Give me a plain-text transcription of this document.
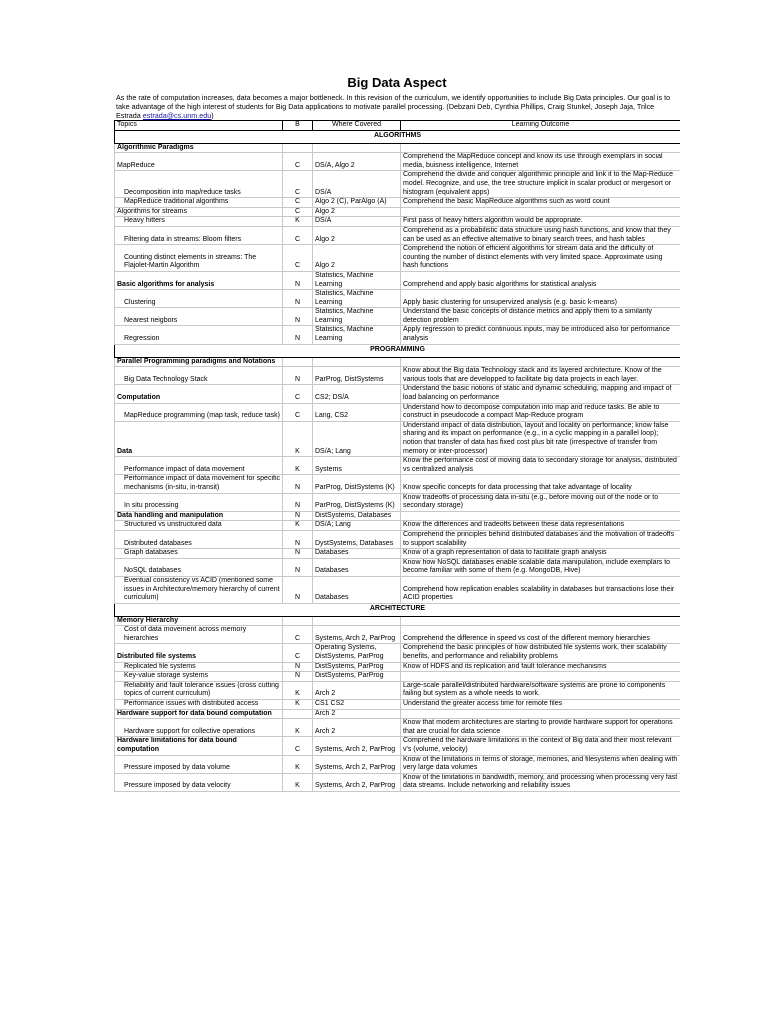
Big Data Aspect
As the rate of computation increases, data becomes a major bottleneck. In this revision of the curriculum, we identify opportunities to include Big Data principles. Our goal is to take advantage of the high interest of students for Big Data applications to motivate parallel processing. (Debzani Deb, Cynthia Phillips, Craig Stunkel, Joseph Jaja, Trilce Estrada estrada@cs.unm.edu)
Topics	B	Where Covered	Learning Outcome
ALGORITHMS			
Algorithmic Paradigms			
MapReduce	C	DS/A, Algo 2	Comprehend the MapReduce concept and know its use through exemplars in social media, buisness intelligence, Internet
Decomposition into map/reduce tasks	C	DS/A	Comprehend the divide and conquer algorithmic principle and link it to the Map-Reduce model. Recognize, and use, the tree structure implicit in scalar product or mergesort or histogram (equivalent apps)
MapReduce traditional algorithms	C	Algo 2 (C), ParAlgo (A)	Comprehend the basic MapReduce algorithms such as word count
Algorithms for streams	C	Algo 2	
Heavy hitters	K	DS/A	First pass of heavy hitters algorithm would be appropriate.
Filtering data in streams: Bloom filters	C	Algo 2	Comprehend as a probabilistic data structure using hash functions, and know that they can be used as an effective alternative to binary search trees, and hash tables
Counting distinct elements in streams: The Flajolet-Martin Algorithm	C	Algo 2	Comprehend the notion of efficient algorithms for stream data and the difficulty of counting the number of distinct elements with very limited space. Approximate using hash functions
Basic algorithms for analysis	N	Statistics, Machine Learning	Comprehend and apply basic algorithms for statistical analysis
Clustering	N	Statistics, Machine Learning	Apply basic clustering for unsupervized analysis (e.g. basic k-means)
Nearest neigbors	N	Statistics, Machine Learning	Understand the basic concepts of distance metrics and apply them to a similarity detection problem
Regression	N	Statistics, Machine Learning	Apply regression to predict continuous inputs, may be introduced also for performance analysis
PROGRAMMING			
Parallel Programming paradigms and Notations			
Big Data Technology Stack	N	ParProg, DistSystems	Know about the Big data Technology stack and its layered architecture. Know of the various tools that are developped to facilitate big data projects in each layer.
Computation	C	CS2; DS/A	Understand the basic notions of static and dynamic scheduling, mapping and impact of load balancing on performance
MapReduce programming (map task, reduce task)	C	Lang, CS2	Understand how to decompose computation into map and reduce tasks. Be able to construct in pseudocode a compact Map-Reduce program
Data	K	DS/A; Lang	Understand impact of data distribution, layout and locality on performance; know false sharing and its impact on performance (e.g., in a cyclic mapping in a parallel loop); notion that transfer of data has fixed cost plus bit rate (irrespective of transfer from memory or inter-processor)
Performance impact of data movement	K	Systems	Know the performance cost of moving data to secondary storage for analysis, distributed vs centralized analysis
Performance impact of data movement for specific mechanisms (in-situ, in-transit)	N	ParProg, DistSystems (K)	Know specific concepts for data processing that take advantage of locality
In situ processing	N	ParProg, DistSystems (K)	Know tradeoffs of processing data in-situ (e.g., before moving out of the node or to secondary storage)
Data handling and manipulation	N	DistSystems, Databases	
Structured vs unstructured data	K	DS/A; Lang	Know the differences and tradeoffs between these data representations
Distributed databases	N	DystSystems, Databases	Comprehend the principles behind distributed databases and the motivation of tradeoffs to support scalability
Graph databases	N	Databases	Know of a graph representation of data to facilitate graph analysis
NoSQL databases	N	Databases	Know how NoSQL databases enable scalable data manipulation, include exemplars to become familiar with some of them (e.g. MongoDB, Hive)
Eventual consistency vs ACID (mentioned some issues in Architecture/memory hierarchy of current curriculum)	N	Databases	Comprehend how replication enables scalability in databases but transactions lose their ACID properties
ARCHITECTURE			
Memory Hierarchy			
Cost of data movement across memory hierarchies	C	Systems, Arch 2, ParProg	Comprehend the difference in speed vs cost of the different memory hierarchies
Distributed file systems	C	Operating Systems, DistSystems, ParProg	Comprehend the basic principles of how distributed file systems work, their scalability benefits, and performance and reliability problems
Replicated file systems	N	DistSystems, ParProg	Know of HDFS and its replication and fault tolerance mechanisms
Key-value storage systems	N	DistSystems, ParProg	
Reliability and fault tolerance issues (cross cutting topics of current curriculum)	K	Arch 2	Large-scale parallel/distributed hardware/software systems are prone to components failing but system as a whole needs to work.
Performance issues with distributed access	K	CS1 CS2	Understand the greater access time for remote files
Hardware support for data bound computation		Arch 2	
Hardware support for collective operations	K	Arch 2	Know that modern architectures are starting to provide hardware support for operations that are crucial for data science
Hardware limitations for data bound computation	C	Systems, Arch 2, ParProg	Comprehend the hardware limitations in the context of Big data and their most relevant v's (volume, velocity)
Pressure imposed by data volume	K	Systems, Arch 2, ParProg	Know of the limitations in terms of storage, memories, and filesystems when dealing with very large data volumes
Pressure imposed by data velocity	K	Systems, Arch 2, ParProg	Know of the limitations in bandwidth, memory, and processing when processing very fast data streams. Include networking and reliability issues
